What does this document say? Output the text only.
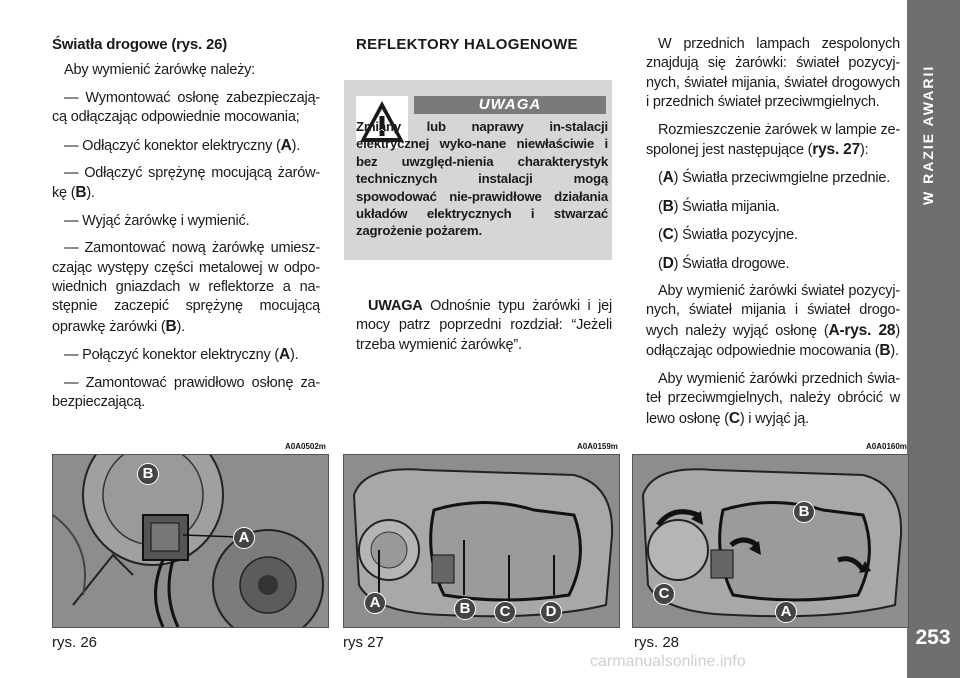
W RAZIE AWARII
253
Światła drogowe (rys. 26)

Aby wymienić żarówkę należy:

— Wymontować osłonę zabezpieczają-cą odłączając odpowiednie mocowania;

— Odłączyć konektor elektryczny (A).

— Odłączyć sprężynę mocującą żarów-kę (B).

— Wyjąć żarówkę i wymienić.

— Zamontować nową żarówkę umiesz-czając występy części metalowej w odpo-wiednich gniazdach w reflektorze a na-stępnie zaczepić sprężynę mocującą oprawkę żarówki (B).

— Połączyć konektor elektryczny (A).

— Zamontować prawidłowo osłonę za-bezpieczającą.

REFLEKTORY HALOGENOWE
UWAGA
Zmiany lub naprawy in-stalacji elektrycznej wyko-nane niewłaściwie i bez uwzględ-nienia charakterystyk technicznych instalacji mogą spowodować nie-prawidłowe działania układów elektrycznych i stwarzać zagrożenie pożarem.

UWAGA Odnośnie typu żarówki i jej mocy patrz poprzedni rozdział: “Jeżeli trzeba wymienić żarówkę”.

W przednich lampach zespolonych znajdują się żarówki: świateł pozycyj-nych, świateł mijania, świateł drogowych i przednich świateł przeciwmgielnych.

Rozmieszczenie żarówek w lampie ze-spolonej jest następujące (rys. 27):

(A) Światła przeciwmgielne przednie.

(B) Światła mijania.

(C) Światła pozycyjne.

(D) Światła drogowe.

Aby wymienić żarówki świateł pozycyj-nych, świateł mijania i świateł drogo-wych należy wyjąć osłonę (A-rys. 28) odłączając odpowiednie mocowania (B).

Aby wymienić żarówki przednich świa-teł przeciwmgielnych, należy obrócić w lewo osłonę (C) i wyjąć ją.

A0A0502m	A0A0159m	A0A0160m
B
A
A	B	C	D
B
C
A
rys. 26	rys 27	rys. 28
carmanualsonline.info
